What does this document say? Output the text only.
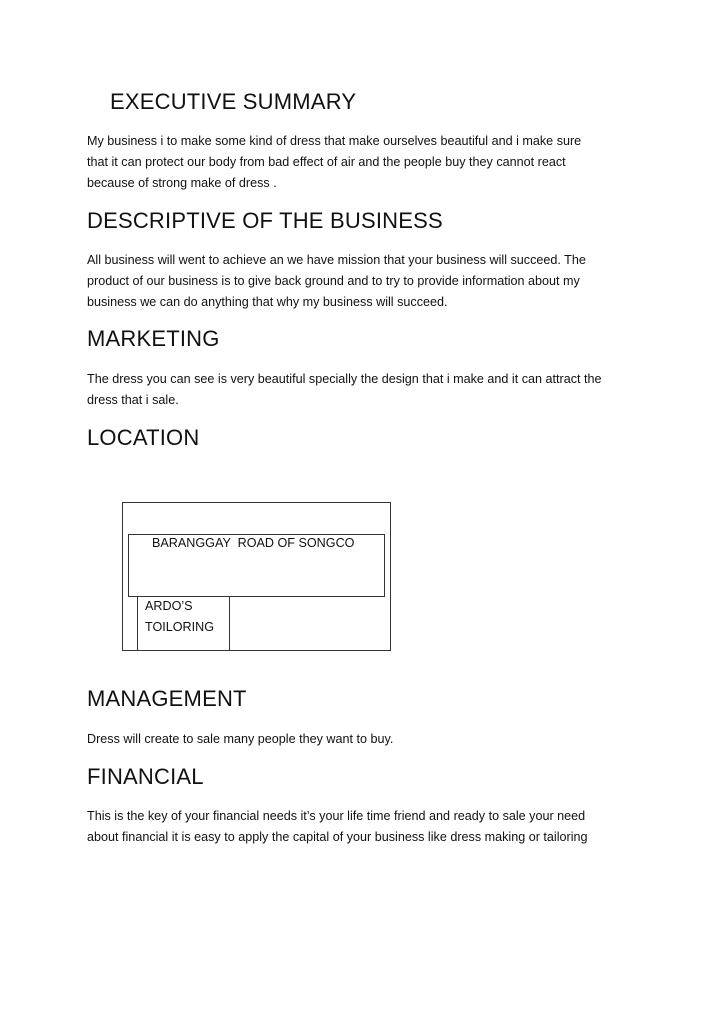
EXECUTIVE SUMMARY
My business i to make some kind of dress that make ourselves beautiful and i make sure
that it can protect our body from bad effect of air and the people buy they cannot react
because of strong make of dress .
DESCRIPTIVE OF THE BUSINESS
All business will went to achieve an we have mission that your business will succeed. The
product of our business is to give back ground and to try to provide information about my
business we can do anything that why my business will succeed.
MARKETING
The dress you can see is very beautiful specially the design that i make and it can attract the
dress that i sale.
LOCATION
BARANGGAY  ROAD OF SONGCO
ARDO’S
TOILORING
MANAGEMENT
Dress will create to sale many people they want to buy.
FINANCIAL
This is the key of your financial needs it’s your life time friend and ready to sale your need
about financial it is easy to apply the capital of your business like dress making or tailoring
